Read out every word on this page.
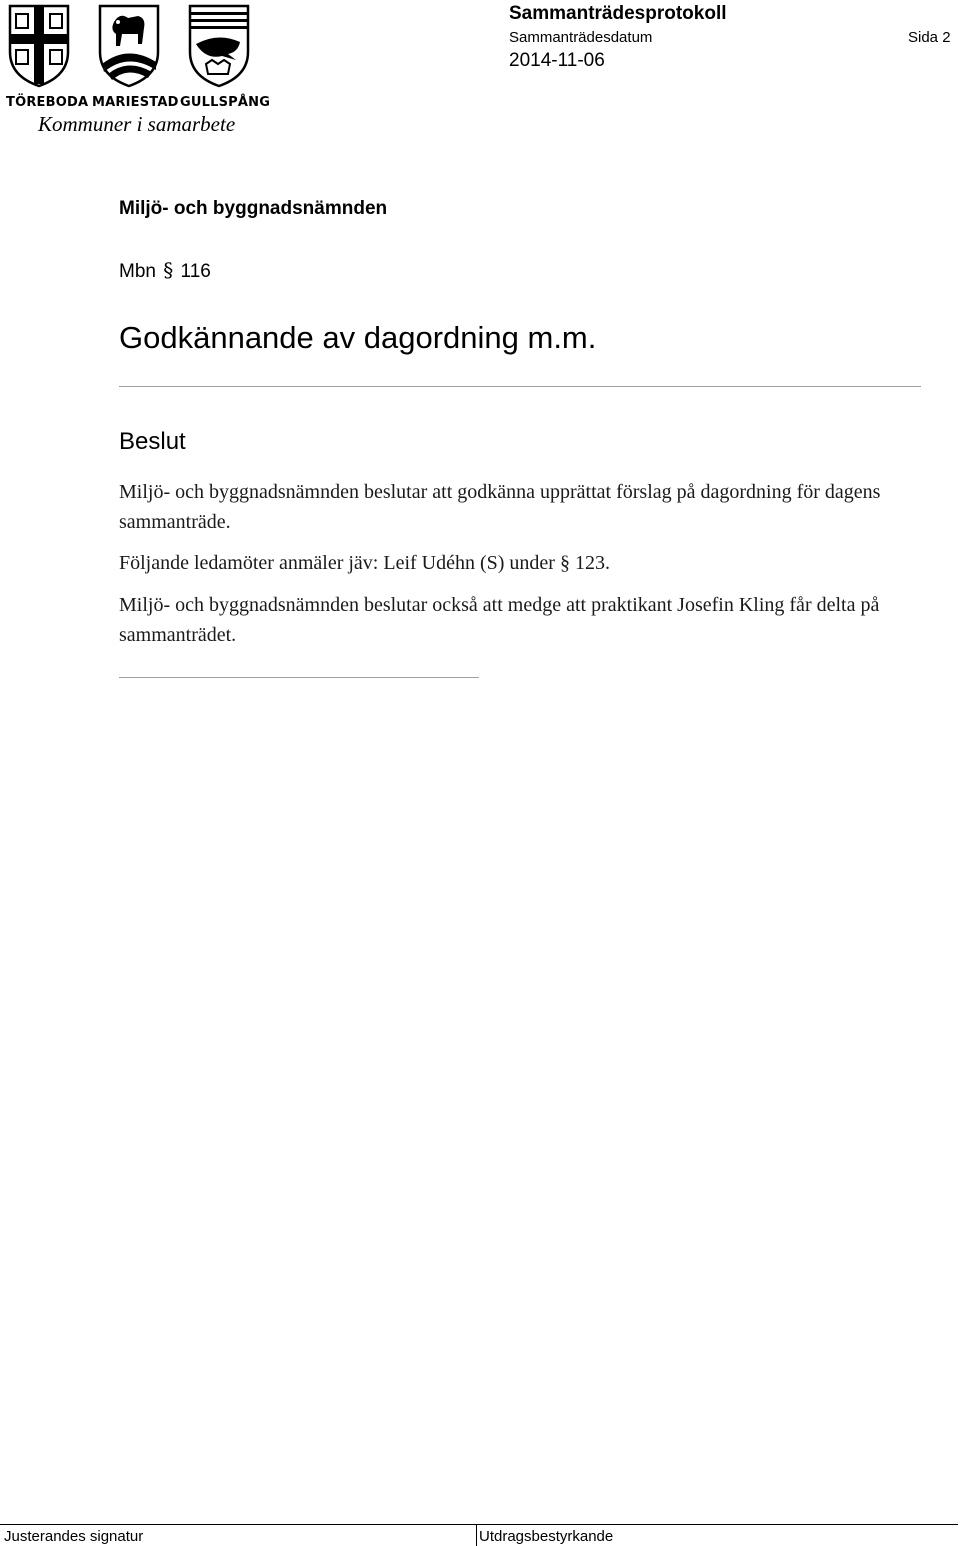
TÖREBODA MARIESTAD GULLSPÅNG
Kommuner i samarbete
Sammanträdesprotokoll
Sammanträdesdatum	Sida 2
2014-11-06
Miljö- och byggnadsnämnden
Mbn § 116
Godkännande av dagordning m.m.
Beslut
Miljö- och byggnadsnämnden beslutar att godkänna upprättat förslag på dagordning för dagens sammanträde.
Följande ledamöter anmäler jäv: Leif Udéhn (S) under § 123.
Miljö- och byggnadsnämnden beslutar också att medge att praktikant Josefin Kling får delta på sammanträdet.
Justerandes signatur	Utdragsbestyrkande
